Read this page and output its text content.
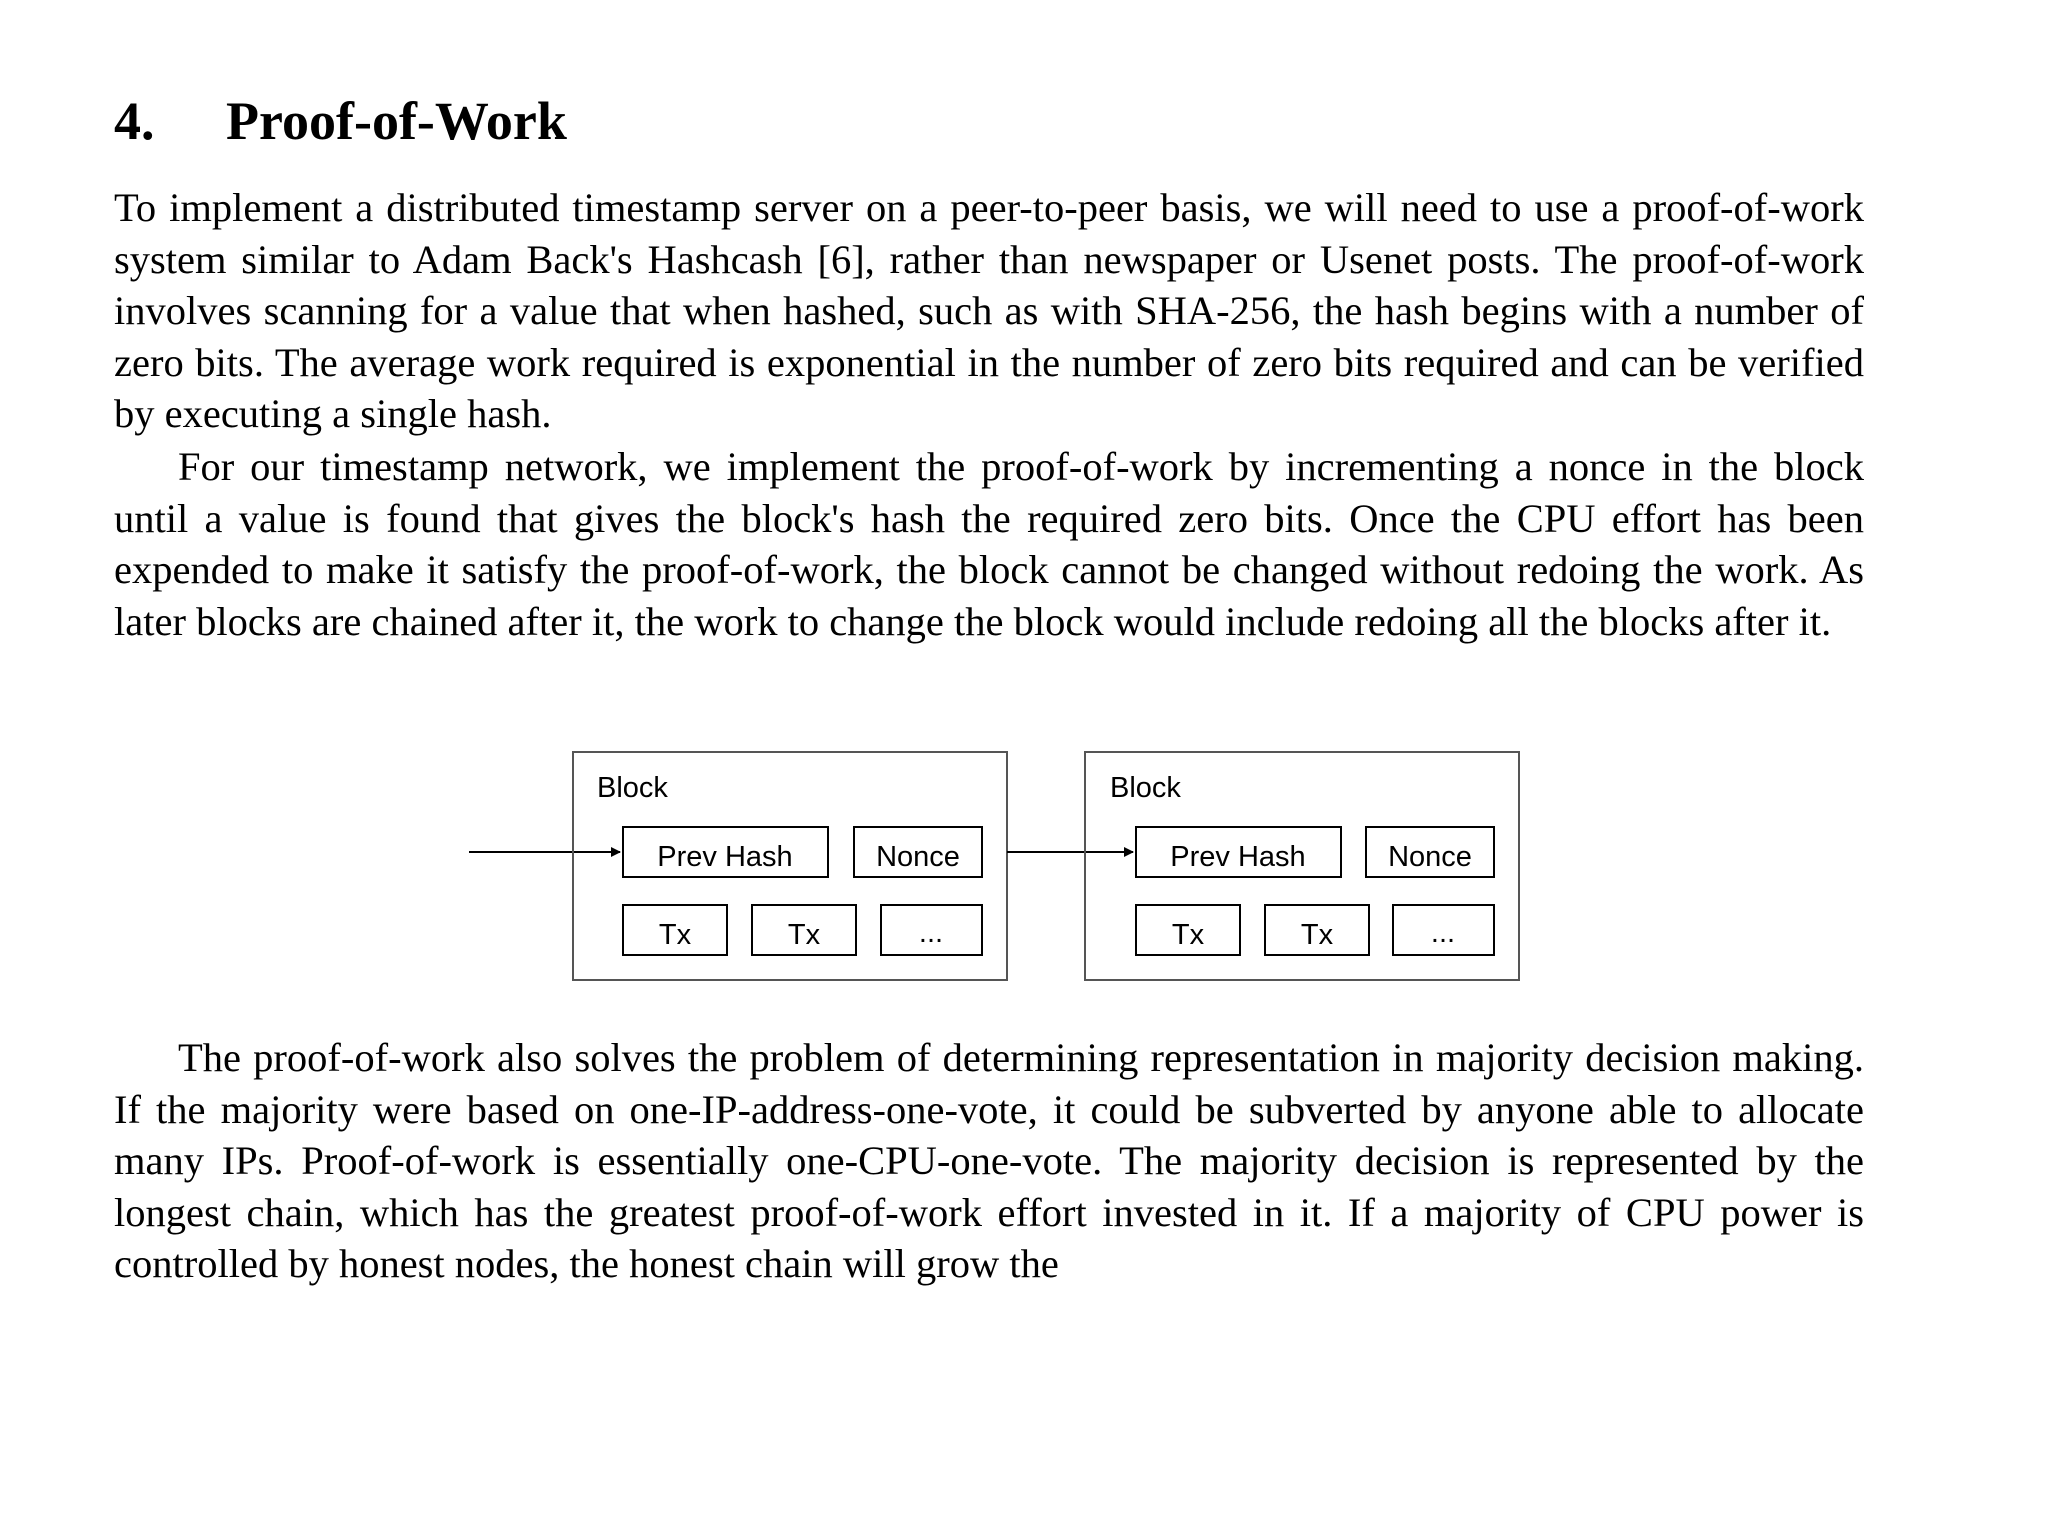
4. Proof-of-Work

To implement a distributed timestamp server on a peer-to-peer basis, we will need to use a proof-of-work system similar to Adam Back's Hashcash [6], rather than newspaper or Usenet posts. The proof-of-work involves scanning for a value that when hashed, such as with SHA-256, the hash begins with a number of zero bits. The average work required is exponential in the number of zero bits required and can be verified by executing a single hash.

For our timestamp network, we implement the proof-of-work by incrementing a nonce in the block until a value is found that gives the block's hash the required zero bits. Once the CPU effort has been expended to make it satisfy the proof-of-work, the block cannot be changed without redoing the work. As later blocks are chained after it, the work to change the block would include redoing all the blocks after it.

Block
Prev Hash	Nonce
Tx	Tx	...
Block
Prev Hash	Nonce
Tx	Tx	...

The proof-of-work also solves the problem of determining representation in majority decision making. If the majority were based on one-IP-address-one-vote, it could be subverted by anyone able to allocate many IPs. Proof-of-work is essentially one-CPU-one-vote. The majority decision is represented by the longest chain, which has the greatest proof-of-work effort invested in it. If a majority of CPU power is controlled by honest nodes, the honest chain will grow the
